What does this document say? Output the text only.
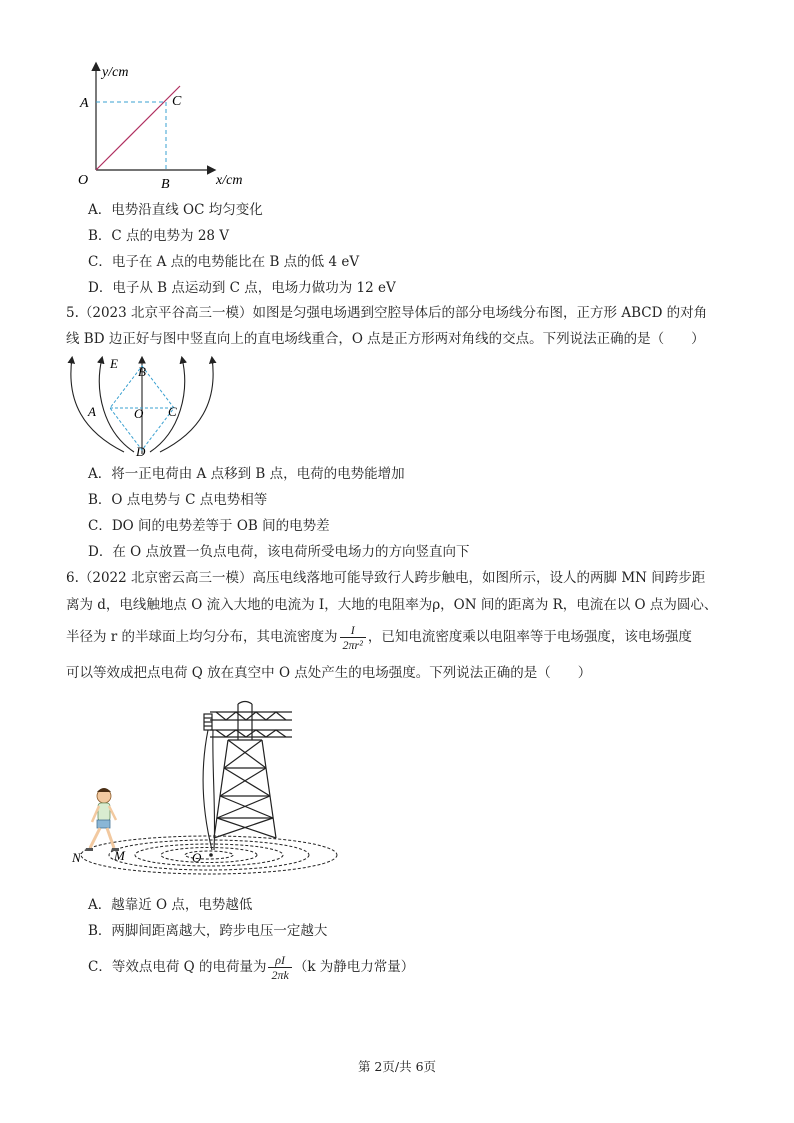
y/cm
x/cm
A	C
O	B
A．电势沿直线 OC 均匀变化
B．C 点的电势为 28 V
C．电子在 A 点的电势能比在 B 点的低 4 eV
D．电子从 B 点运动到 C 点，电场力做功为 12 eV
5.（2023 北京平谷高三一模）如图是匀强电场遇到空腔导体后的部分电场线分布图，正方形 ABCD 的对角
线 BD 边正好与图中竖直向上的直电场线重合，O 点是正方形两对角线的交点。下列说法正确的是（　　）
E
B
A	O C
D
A．将一正电荷由 A 点移到 B 点，电荷的电势能增加
B．O 点电势与 C 点电势相等
C．DO 间的电势差等于 OB 间的电势差
D．在 O 点放置一负点电荷，该电荷所受电场力的方向竖直向下
6.（2022 北京密云高三一模）高压电线落地可能导致行人跨步触电，如图所示，设人的两脚 MN 间跨步距
离为 d，电线触地点 O 流入大地的电流为 I，大地的电阻率为ρ，ON 间的距离为 R，电流在以 O 点为圆心、
半径为 r 的半球面上均匀分布，其电流密度为 $\frac{I}{\text{2πr²}}$ ，已知电流密度乘以电阻率等于电场强度，该电场强度
可以等效成把点电荷 Q 放在真空中 O 点处产生的电场强度。下列说法正确的是（　　）
N	M	O
A．越靠近 O 点，电势越低
B．两脚间距离越大，跨步电压一定越大
C．等效点电荷 Q 的电荷量为 $\frac{\rho I}{2\pi k} (k$ 为静电力常量）
第 2页/共 6页
